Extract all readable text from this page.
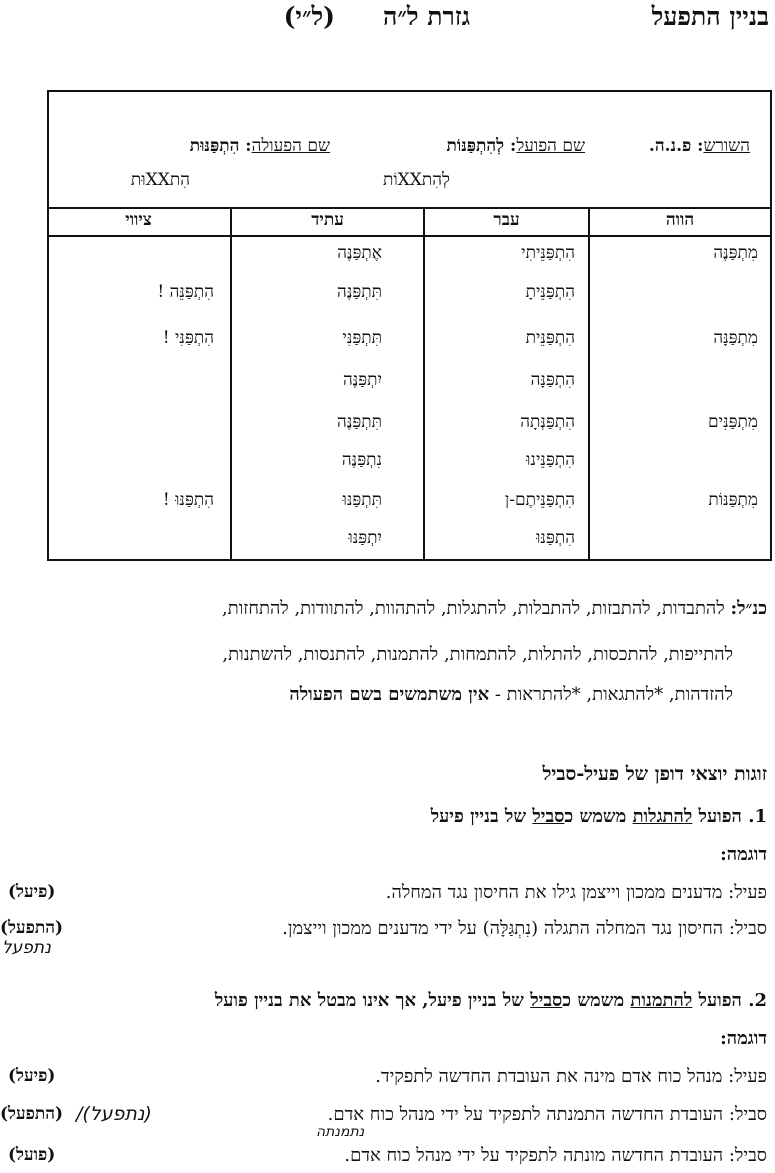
בניין התפעל
גזרת ל״ה
(ל״י)
השורש: פ.נ.ה.
שם הפועל: לְהִתְפַּנּוֹת
לְהִתXXוֹת
שם הפעולה: הִתְפַּנּוּת
הִתXXוּת
הווה
עבר
עתיד
ציווי
מִתְפַּנֶּה
מִתְפַּנָּה
מִתְפַּנִּים
מִתְפַּנּוֹת
הִתְפַּנֵּיתִי
הִתְפַּנֵּיתָ
הִתְפַּנֵּית
הִתְפַּנָּה
הִתְפַּנְּתָה
הִתְפַּנֵּינוּ
הִתְפַּנֵּיתֶם-ן
הִתְפַּנּוּ
אֶתְפַּנֶּה
תִּתְפַּנֶּה
תִּתְפַּנִּי
יִתְפַּנֶּה
תִּתְפַּנֶּה
נִתְפַּנֶּה
תִּתְפַּנּוּ
יִתְפַּנּוּ
הִתְפַּנֵּה !
הִתְפַּנִּי !
הִתְפַּנּוּ !
כנ״ל: להתבדות, להתבזות, להתבלות, להתגלות, להתהוות, להתוודות, להתחזות,
להתייפות, להתכסות, להתלות, להתמחות, להתמנות, להתנסות, להשתנות,
להזדהות, *להתגאות, *להתראות - אין משתמשים בשם הפעולה
זוגות יוצאי דופן של פעיל-סביל
1. הפועל להתגלות משמש כסביל של בניין פיעל
דוגמה:
פעיל: מדענים ממכון וייצמן גילו את החיסון נגד המחלה.
(פיעל)
סביל: החיסון נגד המחלה התגלה (נִתְגַּלָּה) על ידי מדענים ממכון וייצמן.
(התפעל)
נתפעל
2. הפועל להתמנות משמש כסביל של בניין פיעל, אך אינו מבטל את בניין פועל
דוגמה:
פעיל: מנהל כוח אדם מינה את העובדת החדשה לתפקיד.
(פיעל)
סביל: העובדת החדשה התמנתה לתפקיד על ידי מנהל כוח אדם.
(התפעל) (נתפעל)/
נתמנתה
סביל: העובדת החדשה מונתה לתפקיד על ידי מנהל כוח אדם.
(פועל)
